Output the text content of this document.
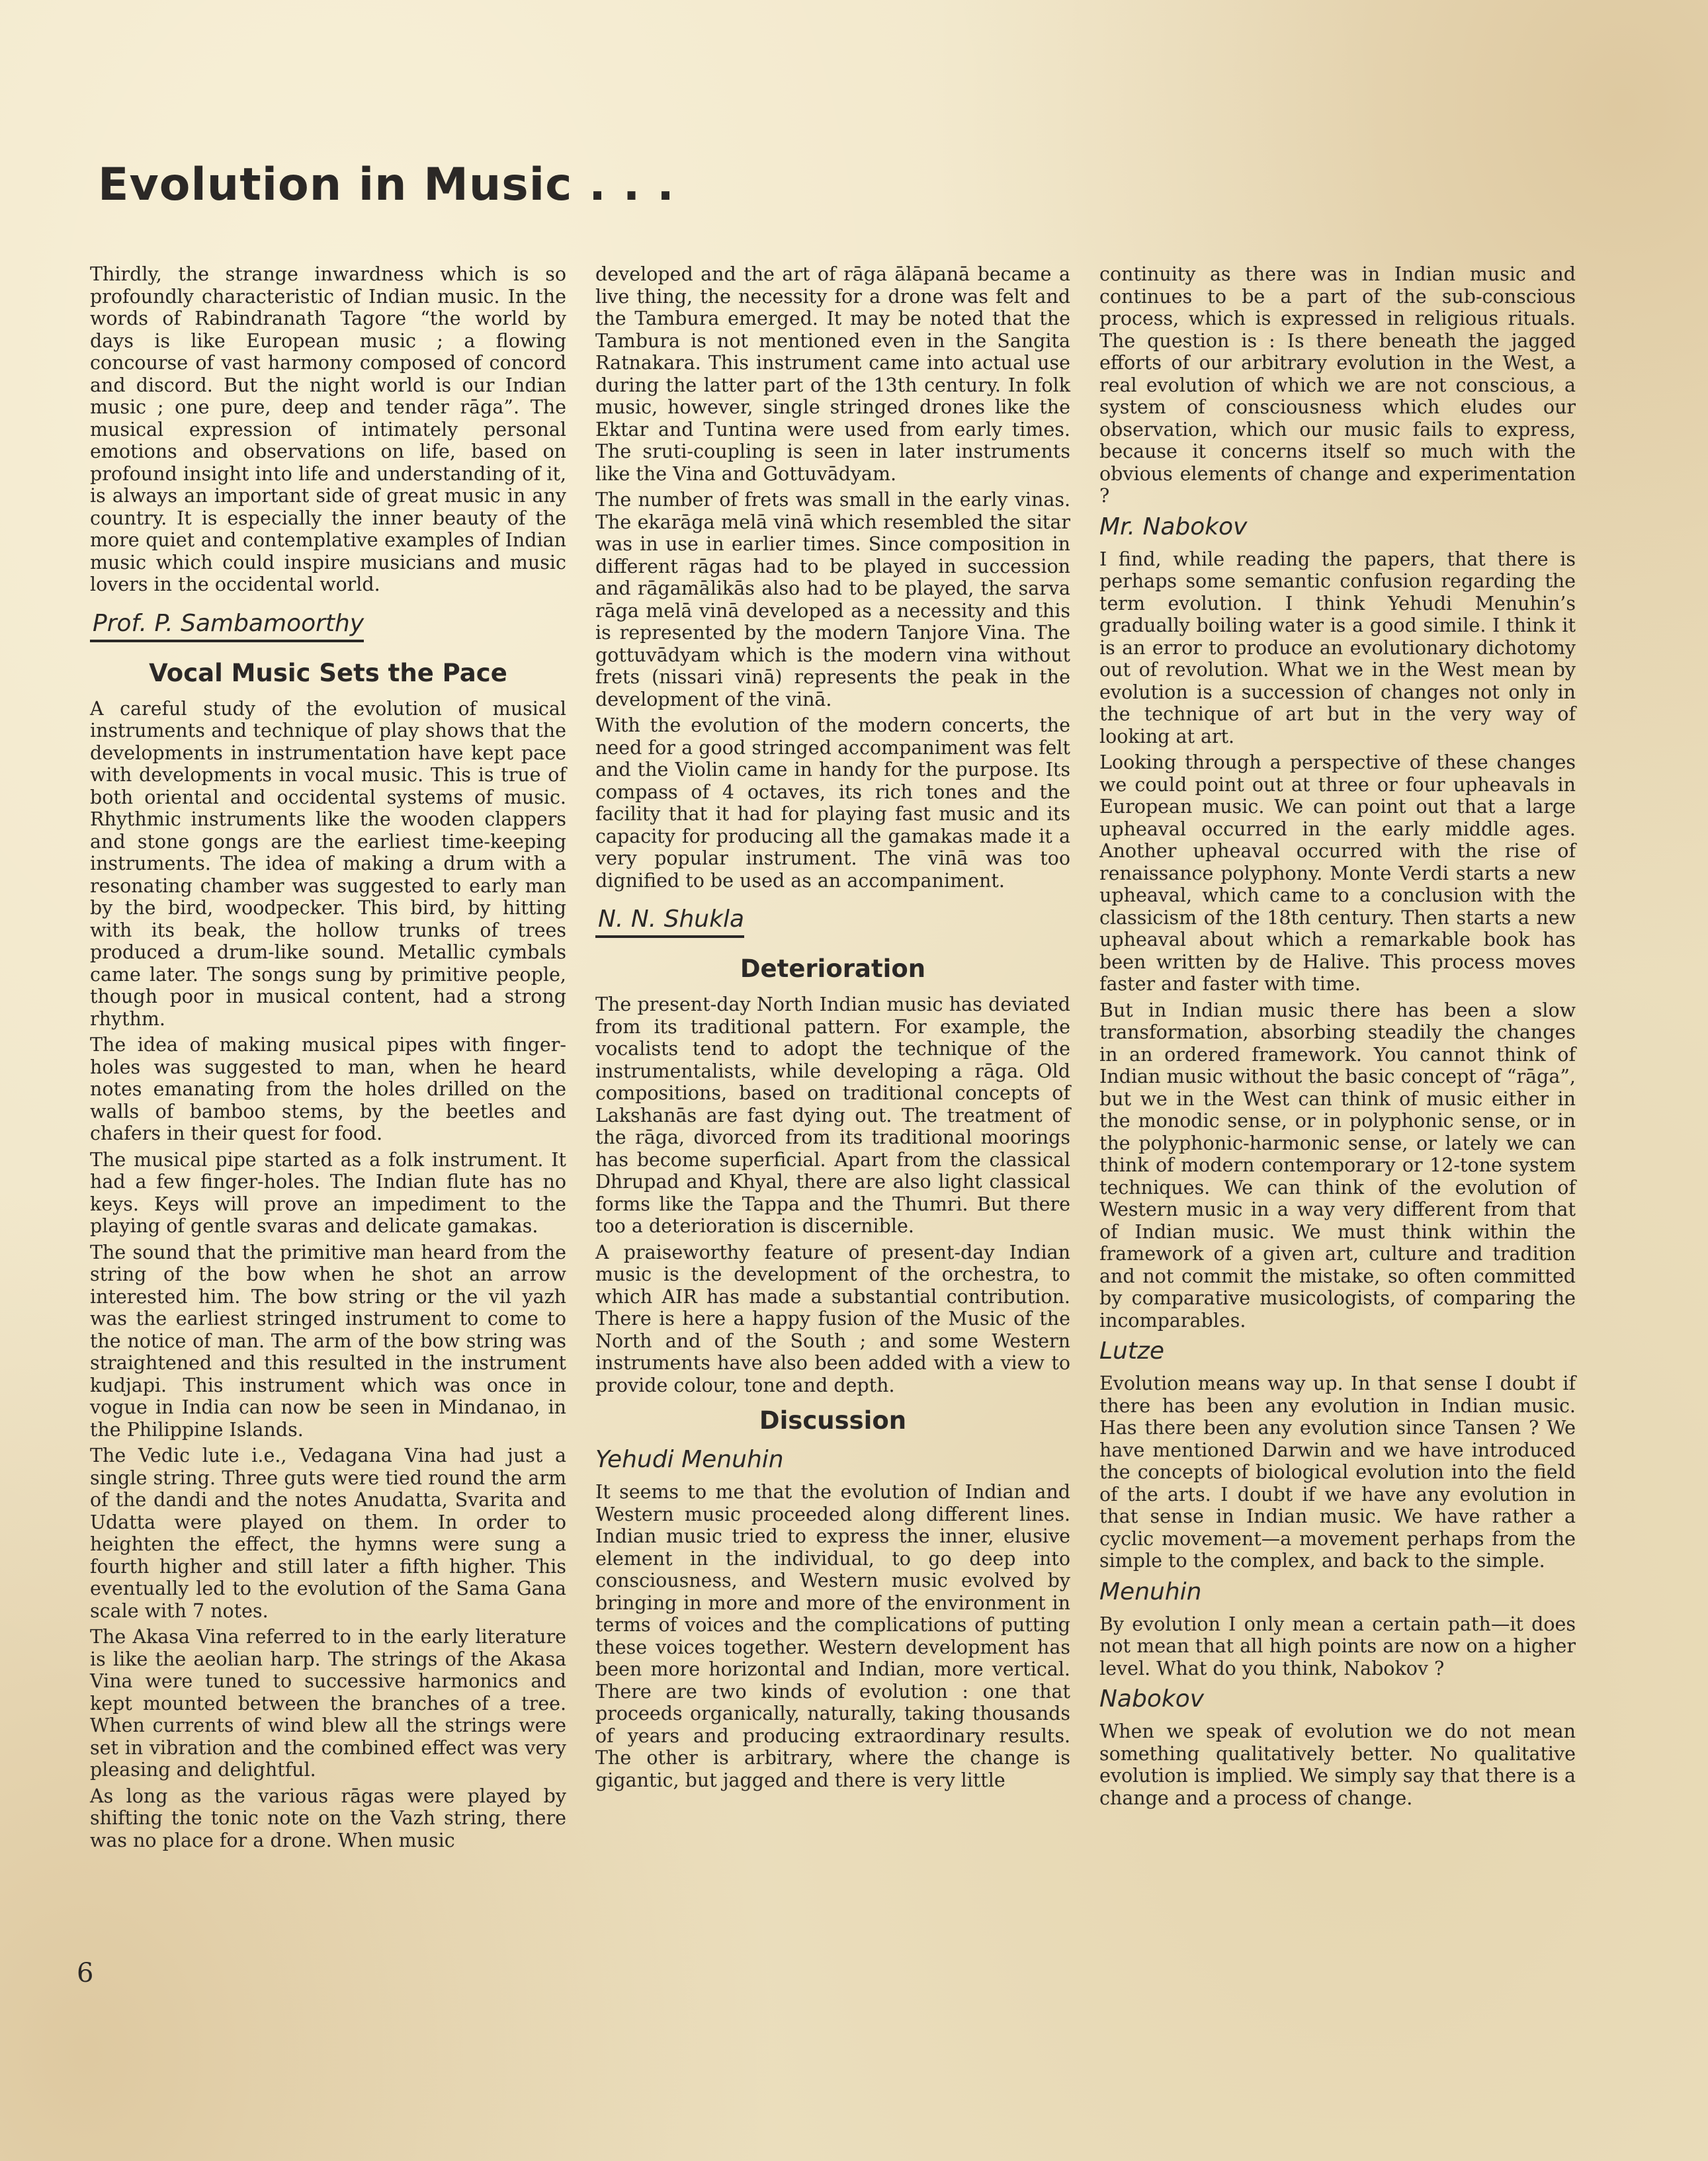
Evolution in Music . . .

Thirdly, the strange inwardness which is so profoundly characteristic of Indian music. In the words of Rabindranath Tagore “the world by days is like European music ; a flowing concourse of vast harmony composed of concord and discord. But the night world is our Indian music ; one pure, deep and tender rāga”. The musical expression of intimately personal emotions and observations on life, based on profound insight into life and understanding of it, is always an important side of great music in any country. It is especially the inner beauty of the more quiet and contemplative examples of Indian music which could inspire musicians and music lovers in the occidental world.

Prof. P. Sambamoorthy
Vocal Music Sets the Pace

A careful study of the evolution of musical instruments and technique of play shows that the developments in instrumentation have kept pace with developments in vocal music. This is true of both oriental and occidental systems of music. Rhythmic instruments like the wooden clappers and stone gongs are the earliest time-keeping instruments. The idea of making a drum with a resonating chamber was suggested to early man by the bird, woodpecker. This bird, by hitting with its beak, the hollow trunks of trees produced a drum-like sound. Metallic cymbals came later. The songs sung by primitive people, though poor in musical content, had a strong rhythm.

The idea of making musical pipes with finger-holes was suggested to man, when he heard notes emanating from the holes drilled on the walls of bamboo stems, by the beetles and chafers in their quest for food.

The musical pipe started as a folk instrument. It had a few finger-holes. The Indian flute has no keys. Keys will prove an impediment to the playing of gentle svaras and delicate gamakas.

The sound that the primitive man heard from the string of the bow when he shot an arrow interested him. The bow string or the vil yazh was the earliest stringed instrument to come to the notice of man. The arm of the bow string was straightened and this resulted in the instrument kudjapi. This instrument which was once in vogue in India can now be seen in Mindanao, in the Philippine Islands.

The Vedic lute i.e., Vedagana Vina had just a single string. Three guts were tied round the arm of the dandi and the notes Anudatta, Svarita and Udatta were played on them. In order to heighten the effect, the hymns were sung a fourth higher and still later a fifth higher. This eventually led to the evolution of the Sama Gana scale with 7 notes.

The Akasa Vina referred to in the early literature is like the aeolian harp. The strings of the Akasa Vina were tuned to successive harmonics and kept mounted between the branches of a tree. When currents of wind blew all the strings were set in vibration and the combined effect was very pleasing and delightful.

As long as the various rāgas were played by shifting the tonic note on the Vazh string, there was no place for a drone. When music

developed and the art of rāga ālāpanā became a live thing, the necessity for a drone was felt and the Tambura emerged. It may be noted that the Tambura is not mentioned even in the Sangita Ratnakara. This instrument came into actual use during the latter part of the 13th century. In folk music, however, single stringed drones like the Ektar and Tuntina were used from early times. The sruti-coupling is seen in later instruments like the Vina and Gottuvādyam.

The number of frets was small in the early vinas. The ekarāga melā vinā which resembled the sitar was in use in earlier times. Since composition in different rāgas had to be played in succession and rāgamālikās also had to be played, the sarva rāga melā vinā developed as a necessity and this is represented by the modern Tanjore Vina. The gottuvādyam which is the modern vina without frets (nissari vinā) represents the peak in the development of the vinā.

With the evolution of the modern concerts, the need for a good stringed accompaniment was felt and the Violin came in handy for the purpose. Its compass of 4 octaves, its rich tones and the facility that it had for playing fast music and its capacity for producing all the gamakas made it a very popular instrument. The vinā was too dignified to be used as an accompaniment.

N. N. Shukla
Deterioration

The present-day North Indian music has deviated from its traditional pattern. For example, the vocalists tend to adopt the technique of the instrumentalists, while developing a rāga. Old compositions, based on traditional concepts of Lakshanās are fast dying out. The treatment of the rāga, divorced from its traditional moorings has become superficial. Apart from the classical Dhrupad and Khyal, there are also light classical forms like the Tappa and the Thumri. But there too a deterioration is discernible.

A praiseworthy feature of present-day Indian music is the development of the orchestra, to which AIR has made a substantial contribution. There is here a happy fusion of the Music of the North and of the South ; and some Western instruments have also been added with a view to provide colour, tone and depth.

Discussion
Yehudi Menuhin

It seems to me that the evolution of Indian and Western music proceeded along different lines. Indian music tried to express the inner, elusive element in the individual, to go deep into consciousness, and Western music evolved by bringing in more and more of the environment in terms of voices and the complications of putting these voices together. Western development has been more horizontal and Indian, more vertical. There are two kinds of evolution : one that proceeds organically, naturally, taking thousands of years and producing extraordinary results. The other is arbitrary, where the change is gigantic, but jagged and there is very little

continuity as there was in Indian music and continues to be a part of the sub-conscious process, which is expressed in religious rituals. The question is : Is there beneath the jagged efforts of our arbitrary evolution in the West, a real evolution of which we are not conscious, a system of consciousness which eludes our observation, which our music fails to express, because it concerns itself so much with the obvious elements of change and experimentation ?

Mr. Nabokov

I find, while reading the papers, that there is perhaps some semantic confusion regarding the term evolution. I think Yehudi Menuhin’s gradually boiling water is a good simile. I think it is an error to produce an evolutionary dichotomy out of revolution. What we in the West mean by evolution is a succession of changes not only in the technique of art but in the very way of looking at art.

Looking through a perspective of these changes we could point out at three or four upheavals in European music. We can point out that a large upheaval occurred in the early middle ages. Another upheaval occurred with the rise of renaissance polyphony. Monte Verdi starts a new upheaval, which came to a conclusion with the classicism of the 18th century. Then starts a new upheaval about which a remarkable book has been written by de Halive. This process moves faster and faster with time.

But in Indian music there has been a slow transformation, absorbing steadily the changes in an ordered framework. You cannot think of Indian music without the basic concept of “rāga”, but we in the West can think of music either in the monodic sense, or in polyphonic sense, or in the polyphonic-harmonic sense, or lately we can think of modern contemporary or 12-tone system techniques. We can think of the evolution of Western music in a way very different from that of Indian music. We must think within the framework of a given art, culture and tradition and not commit the mistake, so often committed by comparative musicologists, of comparing the incomparables.

Lutze

Evolution means way up. In that sense I doubt if there has been any evolution in Indian music. Has there been any evolution since Tansen ? We have mentioned Darwin and we have introduced the concepts of biological evolution into the field of the arts. I doubt if we have any evolution in that sense in Indian music. We have rather a cyclic movement—a movement perhaps from the simple to the complex, and back to the simple.

Menuhin

By evolution I only mean a certain path—it does not mean that all high points are now on a higher level. What do you think, Nabokov ?

Nabokov

When we speak of evolution we do not mean something qualitatively better. No qualitative evolution is implied. We simply say that there is a change and a process of change.

6
